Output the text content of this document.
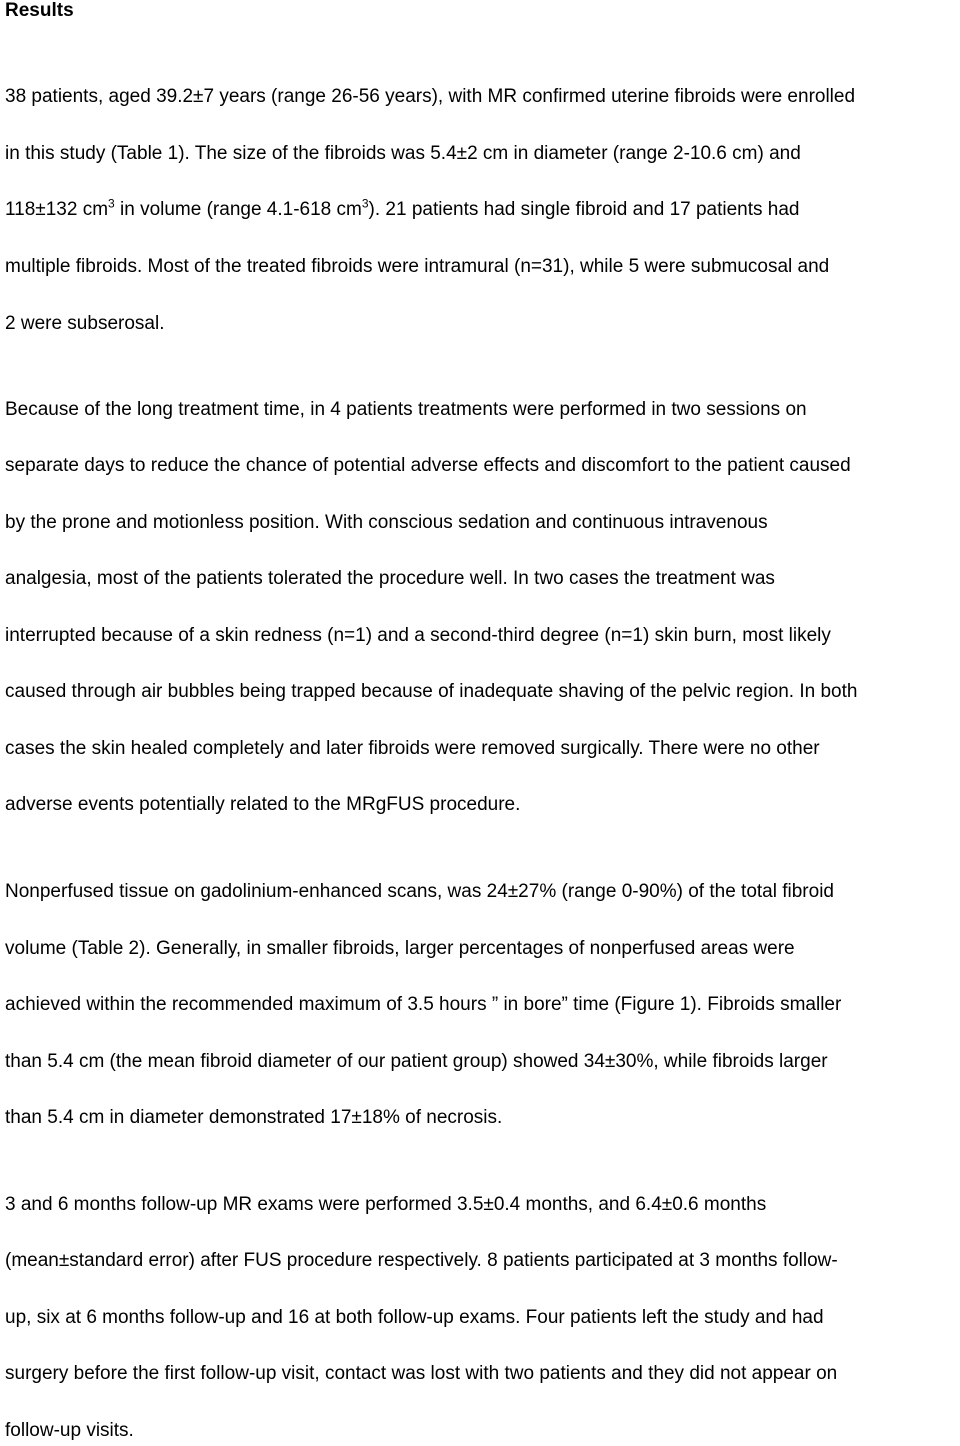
Results
38 patients, aged 39.2±7 years (range 26-56 years), with MR confirmed uterine fibroids were enrolled
in this study (Table 1). The size of the fibroids was 5.4±2 cm in diameter (range 2-10.6 cm) and
118±132 $cm^3$ in volume (range 4.1-618 $cm^3$). 21 patients had single fibroid and 17 patients had
multiple fibroids. Most of the treated fibroids were intramural (n=31), while 5 were submucosal and
2 were subserosal.
Because of the long treatment time, in 4 patients treatments were performed in two sessions on
separate days to reduce the chance of potential adverse effects and discomfort to the patient caused
by the prone and motionless position. With conscious sedation and continuous intravenous
analgesia, most of the patients tolerated the procedure well. In two cases the treatment was
interrupted because of a skin redness (n=1) and a second-third degree (n=1) skin burn, most likely
caused through air bubbles being trapped because of inadequate shaving of the pelvic region. In both
cases the skin healed completely and later fibroids were removed surgically. There were no other
adverse events potentially related to the MRgFUS procedure.
Nonperfused tissue on gadolinium-enhanced scans, was 24±27% (range 0-90%) of the total fibroid
volume (Table 2). Generally, in smaller fibroids, larger percentages of nonperfused areas were
achieved within the recommended maximum of 3.5 hours ” in bore” time (Figure 1). Fibroids smaller
than 5.4 cm (the mean fibroid diameter of our patient group) showed 34±30%, while fibroids larger
than 5.4 cm in diameter demonstrated 17±18% of necrosis.
3 and 6 months follow-up MR exams were performed 3.5±0.4 months, and 6.4±0.6 months
(mean±standard error) after FUS procedure respectively. 8 patients participated at 3 months follow-
up, six at 6 months follow-up and 16 at both follow-up exams. Four patients left the study and had
surgery before the first follow-up visit, contact was lost with two patients and they did not appear on
follow-up visits.
